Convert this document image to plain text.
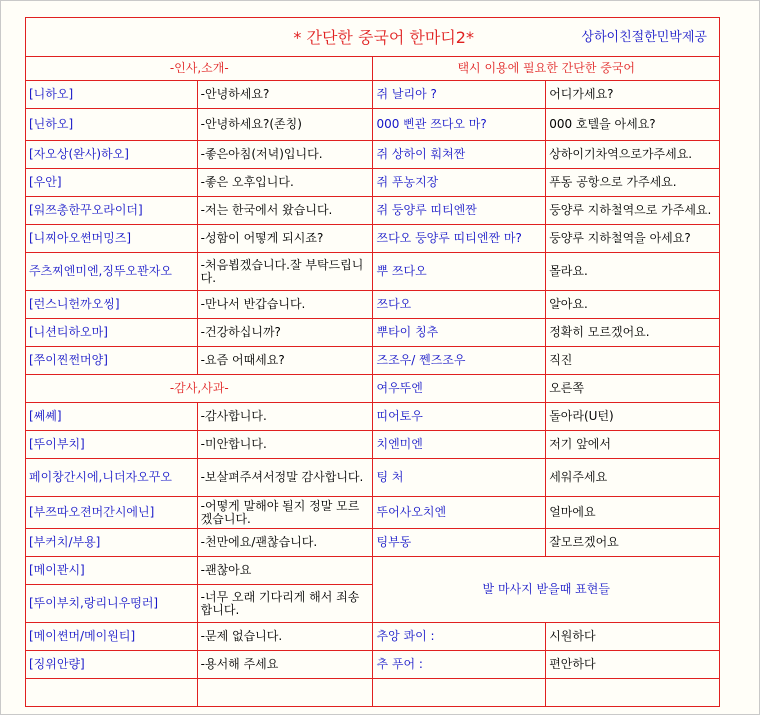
* 간단한 중국어 한마디2* 상하이친절한민박제공			

-인사,소개-		택시 이용에 필요한 간단한 중국어	
[니하오]	-안녕하세요?	쥐 날리아 ?	어디가세요?
[닌하오]	-안녕하세요?(존칭)	000 삔관 쯔다오 마?	000 호텔을 아세요?
[자오상(완사)하오]	-좋은아침(저녁)입니다.	쥐 상하이 훠쳐짠	상하이기차역으로가주세요.
[우안]	-좋은 오후입니다.	쥐 푸농지장	푸동 공항으로 가주세요.
[워쯔총한꾸오라이더]	-저는 한국에서 왔습니다.	쥐 둥양루 띠티엔짠	둥양루 지하철역으로 가주세요.
[니찌아오쎤머밍즈]	-성함이 어떻게 되시죠?	쯔다오 둥양루 띠티엔짠 마?	둥양루 지하철역을 아세요?
주츠찌엔미엔,징뚜오꽌자오	-처음뵙겠습니다.잘 부탁드립니다.	뿌 쯔다오	몰라요.
[런스니헌까오씽]	-만나서 반갑습니다.	쯔다오	알아요.
[니션티하오마]	-건강하십니까?	뿌타이 칭추	정확히 모르겠어요.
[쭈이찐쩐머양]	-요즘 어때세요?	즈조우/ 쩬즈조우	직진
-감사,사과-		여우뚜엔	오른쪽
[쎼쎼]	-감사합니다.	띠어토우	돌아라(U턴)
[뚜이부치]	-미안합니다.	치엔미엔	저기 앞에서
페이창간시에,니더자오꾸오	-보살펴주셔서정말 감사합니다.	팅 처	세워주세요
[부쯔따오젼머간시에닌]	-어떻게 말해야 될지 정말 모르겠습니다.	뚜어사오치엔	얼마에요
[부커치/부용]	-천만에요/괜찮습니다.	팅부동	잘모르겠어요
[메이꽌시]	-괜찮아요	발 마사지 받을때 표현들	
[뚜이부치,랑리니우떵러]	-너무 오래 기다리게 해서 죄송합니다.		
[메이쎤머/메이원티]	-문제 없습니다.	추앙 콰이 :	시원하다
[징위안량]	-용서해 주세요	추 푸어 :	편안하다
